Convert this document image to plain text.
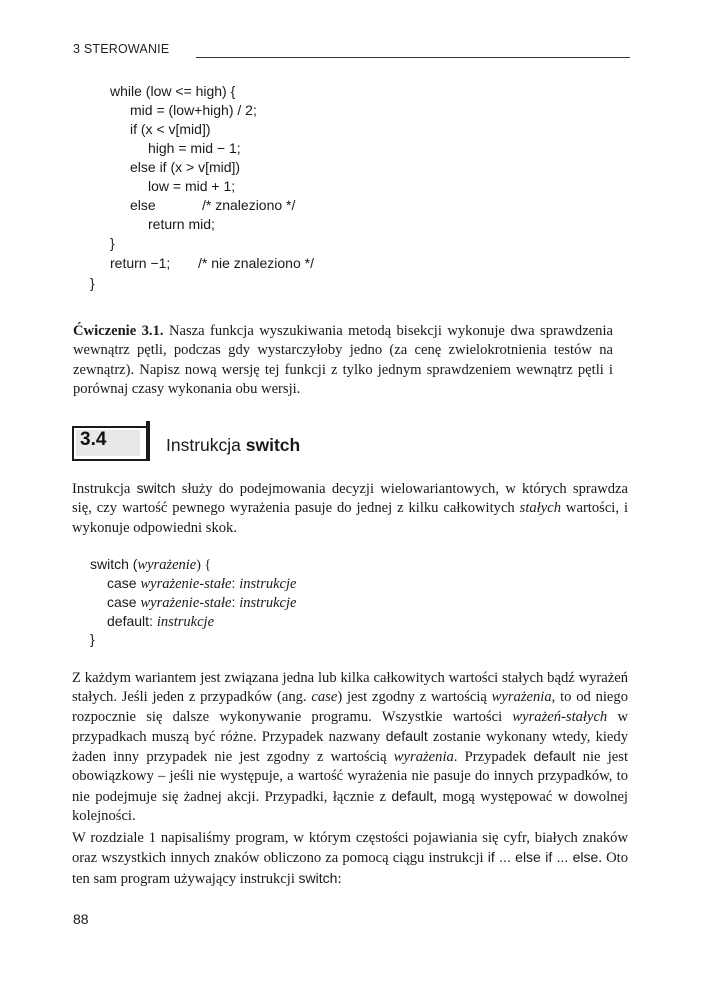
3 STEROWANIE
while (low <= high) {
mid = (low+high) / 2;
if (x < v[mid])
high = mid − 1;
else if (x > v[mid])
low = mid + 1;
else	/* znaleziono */
return mid;
}
return −1; /* nie znaleziono */
}
Ćwiczenie 3.1. Nasza funkcja wyszukiwania metodą bisekcji wykonuje dwa sprawdzenia wewnątrz pętli, podczas gdy wystarczyłoby jedno (za cenę zwielokrotnienia testów na zewnątrz). Napisz nową wersję tej funkcji z tylko jednym sprawdzeniem wewnątrz pętli i porównaj czasy wykonania obu wersji.
3.4	Instrukcja switch
Instrukcja switch służy do podejmowania decyzji wielowariantowych, w których sprawdza się, czy wartość pewnego wyrażenia pasuje do jednej z kilku całkowitych stałych wartości, i wykonuje odpowiedni skok.
switch (wyrażenie) {
case wyrażenie-stałe: instrukcje
case wyrażenie-stałe: instrukcje
default: instrukcje
}
Z każdym wariantem jest związana jedna lub kilka całkowitych wartości stałych bądź wyrażeń stałych. Jeśli jeden z przypadków (ang. case) jest zgodny z wartością wyrażenia, to od niego rozpocznie się dalsze wykonywanie programu. Wszystkie wartości wyrażeń-stałych w przypadkach muszą być różne. Przypadek nazwany default zostanie wykonany wtedy, kiedy żaden inny przypadek nie jest zgodny z wartością wyrażenia. Przypadek default nie jest obowiązkowy – jeśli nie występuje, a wartość wyrażenia nie pasuje do innych przypadków, to nie podejmuje się żadnej akcji. Przypadki, łącznie z default, mogą występować w dowolnej kolejności.
W rozdziale 1 napisaliśmy program, w którym częstości pojawiania się cyfr, białych znaków oraz wszystkich innych znaków obliczono za pomocą ciągu instrukcji if ... else if ... else. Oto ten sam program używający instrukcji switch:
88
